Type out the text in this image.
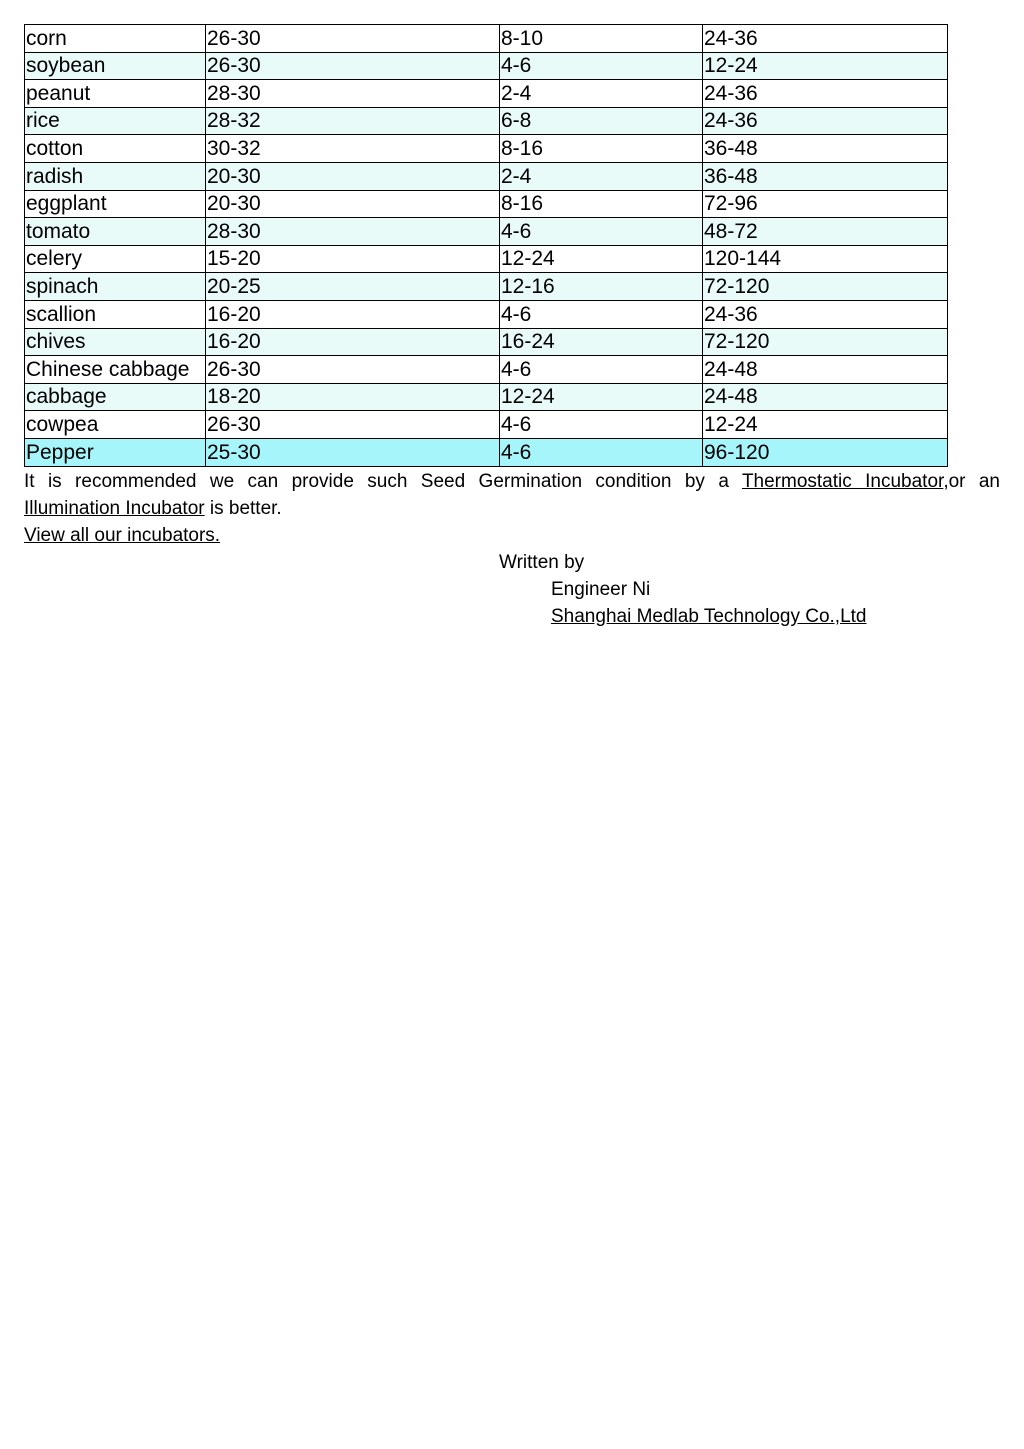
corn	26-30	8-10	24-36
soybean	26-30	4-6	12-24
peanut	28-30	2-4	24-36
rice	28-32	6-8	24-36
cotton	30-32	8-16	36-48
radish	20-30	2-4	36-48
eggplant	20-30	8-16	72-96
tomato	28-30	4-6	48-72
celery	15-20	12-24	120-144
spinach	20-25	12-16	72-120
scallion	16-20	4-6	24-36
chives	16-20	16-24	72-120
Chinese cabbage	26-30	4-6	24-48
cabbage	18-20	12-24	24-48
cowpea	26-30	4-6	12-24
Pepper	25-30	4-6	96-120
It is recommended we can provide such Seed Germination condition by a Thermostatic Incubator,or an
Illumination Incubator is better.
View all our incubators.
Written by
Engineer Ni
Shanghai Medlab Technology Co.,Ltd
